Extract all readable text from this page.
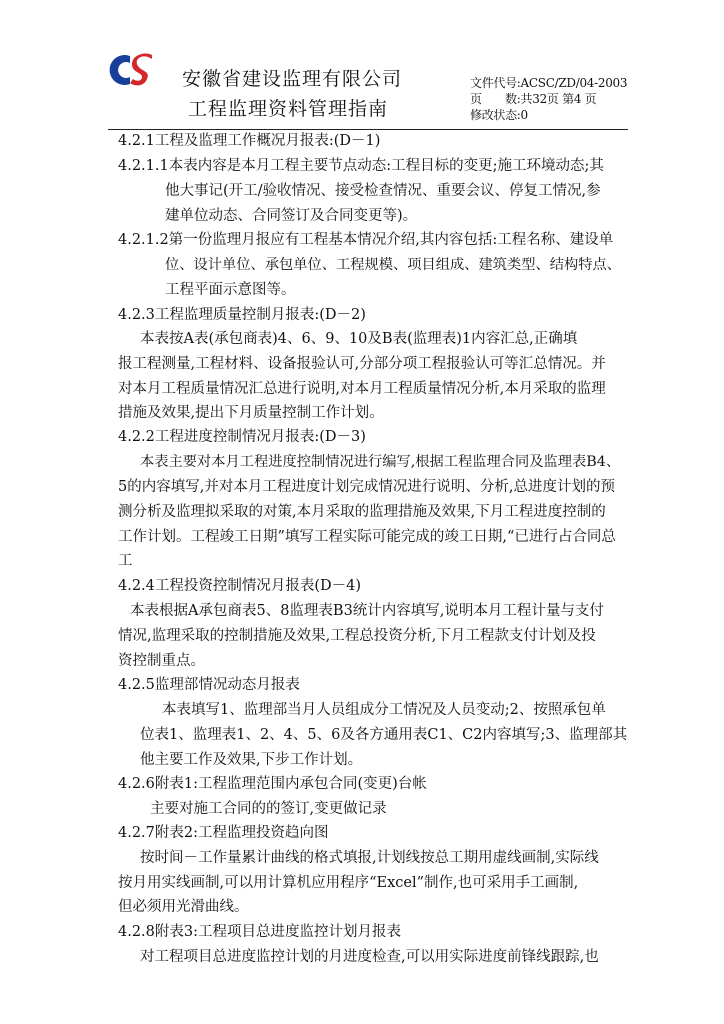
安徽省建设监理有限公司
工程监理资料管理指南
文件代号:ACSC/ZD/04-2003
页　　数:共32页 第4 页
修改状态:0
4.2.1工程及监理工作概况月报表:(D－1)
4.2.1.1本表内容是本月工程主要节点动态:工程目标的变更;施工环境动态;其
他大事记(开工/验收情况、接受检查情况、重要会议、停复工情况,参
建单位动态、合同签订及合同变更等)。
4.2.1.2第一份监理月报应有工程基本情况介绍,其内容包括:工程名称、建设单
位、设计单位、承包单位、工程规模、项目组成、建筑类型、结构特点、
工程平面示意图等。
4.2.3工程监理质量控制月报表:(D－2)
本表按A表(承包商表)4、6、9、10及B表(监理表)1内容汇总,正确填
报工程测量,工程材料、设备报验认可,分部分项工程报验认可等汇总情况。并
对本月工程质量情况汇总进行说明,对本月工程质量情况分析,本月采取的监理
措施及效果,提出下月质量控制工作计划。
4.2.2工程进度控制情况月报表:(D－3)
本表主要对本月工程进度控制情况进行编写,根据工程监理合同及监理表B4、
5的内容填写,并对本月工程进度计划完成情况进行说明、分析,总进度计划的预
测分析及监理拟采取的对策,本月采取的监理措施及效果,下月工程进度控制的
工作计划。工程竣工日期”填写工程实际可能完成的竣工日期,“已进行占合同总
工
4.2.4工程投资控制情况月报表(D－4)
本表根据A承包商表5、8监理表B3统计内容填写,说明本月工程计量与支付
情况,监理采取的控制措施及效果,工程总投资分析,下月工程款支付计划及投
资控制重点。
4.2.5监理部情况动态月报表
本表填写1、监理部当月人员组成分工情况及人员变动;2、按照承包单
位表1、监理表1、2、4、5、6及各方通用表C1、C2内容填写;3、监理部其
他主要工作及效果,下步工作计划。
4.2.6附表1:工程监理范围内承包合同(变更)台帐
主要对施工合同的的签订,变更做记录
4.2.7附表2:工程监理投资趋向图
按时间－工作量累计曲线的格式填报,计划线按总工期用虚线画制,实际线
按月用实线画制,可以用计算机应用程序“Excel”制作,也可采用手工画制,
但必须用光滑曲线。
4.2.8附表3:工程项目总进度监控计划月报表
对工程项目总进度监控计划的月进度检查,可以用实际进度前锋线跟踪,也
